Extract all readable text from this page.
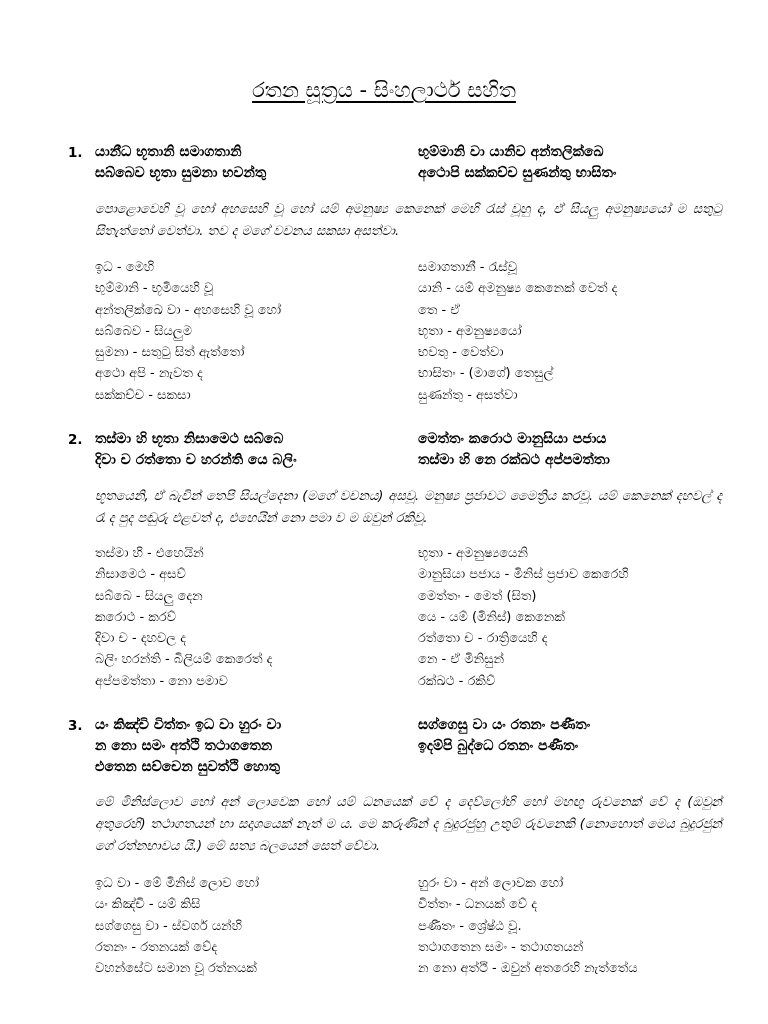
රතන සූත්‍රය - සිංහලාර්ථ සහිත
1. යානීධ භූතානි සමාගතානි
සබ්බෙව භූතා සුමනා භවන්තු
භුම්මානි වා යානිව අන්තලික්ඛෙ
අථොපි සක්කච්ච සුණන්තු භාසිතං
පොළොවෙහි වූ හෝ අහසෙහි වූ හෝ යම් අමනුෂ්‍ය කෙනෙක් මෙහි රැස් වූහු ද, ඒ සියලු අමනුෂ්‍යයෝ ම සතුටු සිතැත්තෝ වෙත්වා. තව ද මගේ වචනය සකසා අසත්වා.
ඉධ - මෙහි
භුම්මානි - භූමියෙහි වූ
අන්තලික්ඛෙ වා - අහසෙහි වූ හෝ
සබ්බෙව - සියලුම
සුමනා - සතුටු සිත් ඇත්තෝ
අථො අපි - නැවත ද
සක්කච්ච - සකසා
සමාගතානී - රැස්වූ
යානි - යම් අමනුෂ්‍ය කෙනෙක් වෙත් ද
තෙ - ඒ
භූතා - අමනුෂ්‍යයෝ
භවතු - වෙත්වා
භාසිතං - (මාගේ) තෙසුල්
සුණන්තු - අසත්වා
2. තස්මා හි භූතා නිසාමෙථ සබ්බෙ
දිවා ච රත්තො ච හරන්ති යෙ බලිං
මෙත්තං කරොථ මානුසියා පජාය
තස්මා හි නෙ රක්ඛථ අප්පමත්තා
භූතයෙනි, ඒ බැවින් තෙපි සියල්දෙනා (මගේ වචනය) අසවූ. මනුෂ්‍ය ප්‍රජාවට මෛත්‍රිය කරවූ. යම් කෙනෙක් දහවල් ද රෑ ද පුද පඬුරු එළවත් ද, එහෙයින් නො පමා ව ම ඔවුන් රකිවූ.
තස්මා හි - එහෙයින්
නිසාමෙථ - අසව්
සබ්බෙ - සියලු දෙන
කරොථ - කරව්
දිවා ච - දහවල ද
බලිං හරන්ති - බිලියම් කෙරෙත් ද
අප්පමත්තා - නො පමාව
භූතා - අමනුෂ්‍යයෙනි
මානුසියා පජාය - මිනිස් ප්‍රජාව කෙරෙහි
මෙත්තං - මෙත් (සිත)
යෙ - යම් (මිනිස්) කෙනෙක්
රත්තො ච - රාත්‍රියෙහි ද
නෙ - ඒ මිනිසුන්
රක්ඛථ - රකිව්
3. යං කිඤ්චි විත්තං ඉධ වා හුරං වා
න නො සමං අත්ථි තථාගතෙන
එතෙන සච්චෙන සුවත්ථි හොතු
සග්ගෙසු වා යං රතනං පණීතං
ඉදම්පි බුද්ධෙ රතනං පණීතං
මේ මිනිස්ලොව හෝ අන් ලොවෙක හෝ යම් ධනයෙක් වේ ද දෙව්ලෝහි හෝ මහඟු රුවනෙක් වේ ද (ඔවුන් අතුරෙහි) තථාගතයන් හා සදෘශයෙක් නැත් ම ය. මෙ කරුණින් ද බුදුරජුහු උතුම් රුවනෙකි (නොහොත් මෙය බුදුරජුන් ගේ රත්නභාවය යි.) මේ සත්‍ය බලයෙන් සෙත් වේවා.
ඉධ වා - මේ මිනිස් ලොව හෝ
යං කිඤ්චි - යම් කිසි
සග්ගෙසු වා - ස්වර්ග යන්හි
රතනං - රතනයක් වේද
වහන්සේට සමාන වූ රත්නයක්
හුරං වා - අන් ලොවක හෝ
විත්තං - ධනයක් වේ ද
පණීතං - ශ්‍රේෂ්ඨ වූ.
තථාගතෙන සමං - තථාගතයන්
න නො අත්ථි - ඔවුන් අතරෙහි නැත්තේය
